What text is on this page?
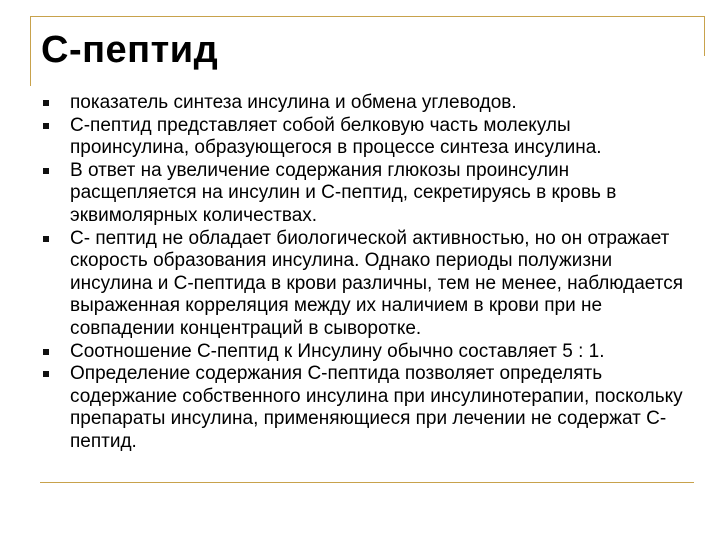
С-пептид
показатель синтеза инсулина и обмена углеводов.
С-пептид представляет собой белковую часть молекулы проинсулина, образующегося в процессе синтеза инсулина.
В ответ на увеличение содержания глюкозы проинсулин расщепляется на инсулин и С-пептид, секретируясь в кровь в эквимолярных количествах.
С- пептид не обладает биологической активностью, но он отражает скорость образования инсулина. Однако периоды полужизни инсулина и С-пептида в крови различны, тем не менее, наблюдается выраженная корреляция между их наличием в крови при не совпадении концентраций в сыворотке.
Соотношение С-пептид к Инсулину обычно составляет 5 : 1.
Определение содержания С-пептида позволяет определять содержание собственного инсулина при инсулинотерапии, поскольку препараты инсулина, применяющиеся при лечении не содержат С-пептид.
